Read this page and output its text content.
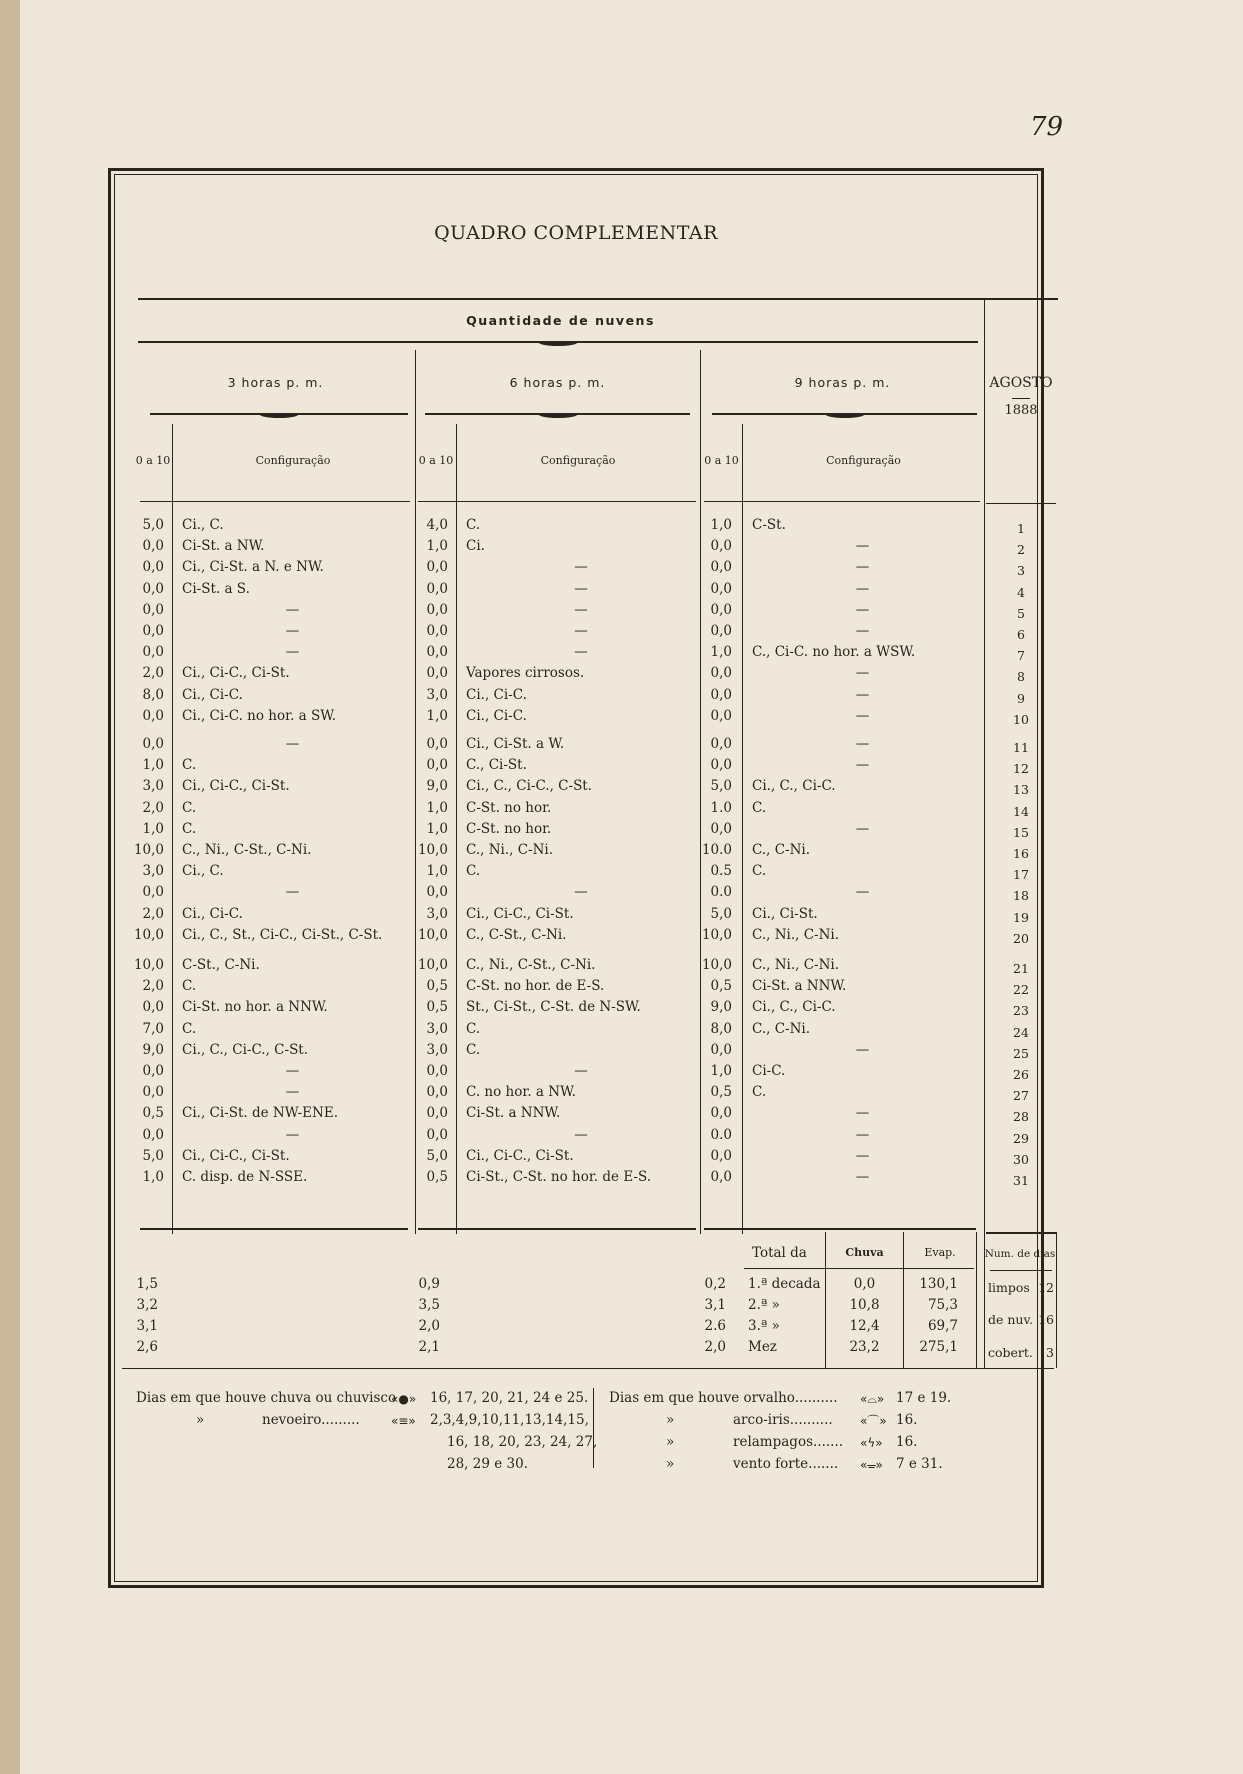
79
QUADRO COMPLEMENTAR
Quantidade de nuvens
3 horas p. m.	6 horas p. m.	9 horas p. m.	AGOSTO
1888
0 a 10	Configuração	0 a 10	Configuração	0 a 10	Configuração
5,0 Ci., C.	4,0 C.	1,0 C-St.	1
0,0 Ci-St. a NW.	1,0 Ci.	0,0	—	2
0,0 Ci., Ci-St. a N. e NW.	0,0	—	0,0	—	3
0,0 Ci-St. a S.	0,0	—	0,0	—	4
0,0	—	0,0	—	0,0	—	5
0,0	—	0,0	—	0,0	—	6
0,0	—	0,0	—	1,0 C., Ci-C. no hor. a WSW.	7
2,0 Ci., Ci-C., Ci-St.	0,0 Vapores cirrosos.	0,0	—	8
8,0 Ci., Ci-C.	3,0 Ci., Ci-C.	0,0	—	9
0,0 Ci., Ci-C. no hor. a SW.	1,0 Ci., Ci-C.	0,0	—	10
0,0	—	0,0 Ci., Ci-St. a W.	0,0	—	11
1,0 C.	0,0 C., Ci-St.	0,0	—	12
3,0 Ci., Ci-C., Ci-St.	9,0 Ci., C., Ci-C., C-St.	5,0 Ci., C., Ci-C.	13
2,0 C.	1,0 C-St. no hor.	1.0 C.	14
1,0 C.	1,0 C-St. no hor.	0,0	—	15
10,0 C., Ni., C-St., C-Ni.	10,0 C., Ni., C-Ni.	10.0 C., C-Ni.	16
3,0 Ci., C.	1,0 C.	0.5 C.	17
0,0	—	0,0	—	0.0	—	18
2,0 Ci., Ci-C.	3,0 Ci., Ci-C., Ci-St.	5,0 Ci., Ci-St.	19
10,0 Ci., C., St., Ci-C., Ci-St., C-St.	10,0 C., C-St., C-Ni.	10,0 C., Ni., C-Ni.	20
10,0 C-St., C-Ni.	10,0 C., Ni., C-St., C-Ni.	10,0 C., Ni., C-Ni.	21
2,0 C.	0,5 C-St. no hor. de E-S.	0,5 Ci-St. a NNW.	22
0,0 Ci-St. no hor. a NNW.	0,5 St., Ci-St., C-St. de N-SW.	9,0 Ci., C., Ci-C.	23
7,0 C.	3,0 C.	8,0 C., C-Ni.	24
9,0 Ci., C., Ci-C., C-St.	3,0 C.	0,0	—	25
0,0	—	0,0	—	1,0 Ci-C.	26
0,0	—	0,0 C. no hor. a NW.	0,5 C.	27
0,5 Ci., Ci-St. de NW-ENE.	0,0 Ci-St. a NNW.	0,0	—	28
0,0	—	0,0	—	0.0	—	29
5,0 Ci., Ci-C., Ci-St.	5,0 Ci., Ci-C., Ci-St.	0,0	—	30
1,0 C. disp. de N-SSE.	0,5 Ci-St., C-St. no hor. de E-S.	0,0	—	31
Total da	Chuva	Evap.	Num. de dias
1,5	0,9	0,2 1.ª decada	0,0	130,1
3,2	3,5	3,1 2.ª »	10,8	75,3
3,1	2,0	2.6 3.ª »	12,4	69,7
2,6	2,1	2,0 Mez	23,2	275,1
limpos 12
de nuv. 16
cobert.	3
Dias em que houve chuva ou chuvisco
«●» 16, 17, 20, 21, 24 e 25.
»	nevoeiro.........	«≡» 2,3,4,9,10,11,13,14,15,
16, 18, 20, 23, 24, 27,
28, 29 e 30.
Dias em que houve orvalho.......... «⌓» 17 e 19.
»	arco-iris.......... «⌒» 16.
»	relampagos....... «ϟ» 16.
»	vento forte....... «ᚚ» 7 e 31.
